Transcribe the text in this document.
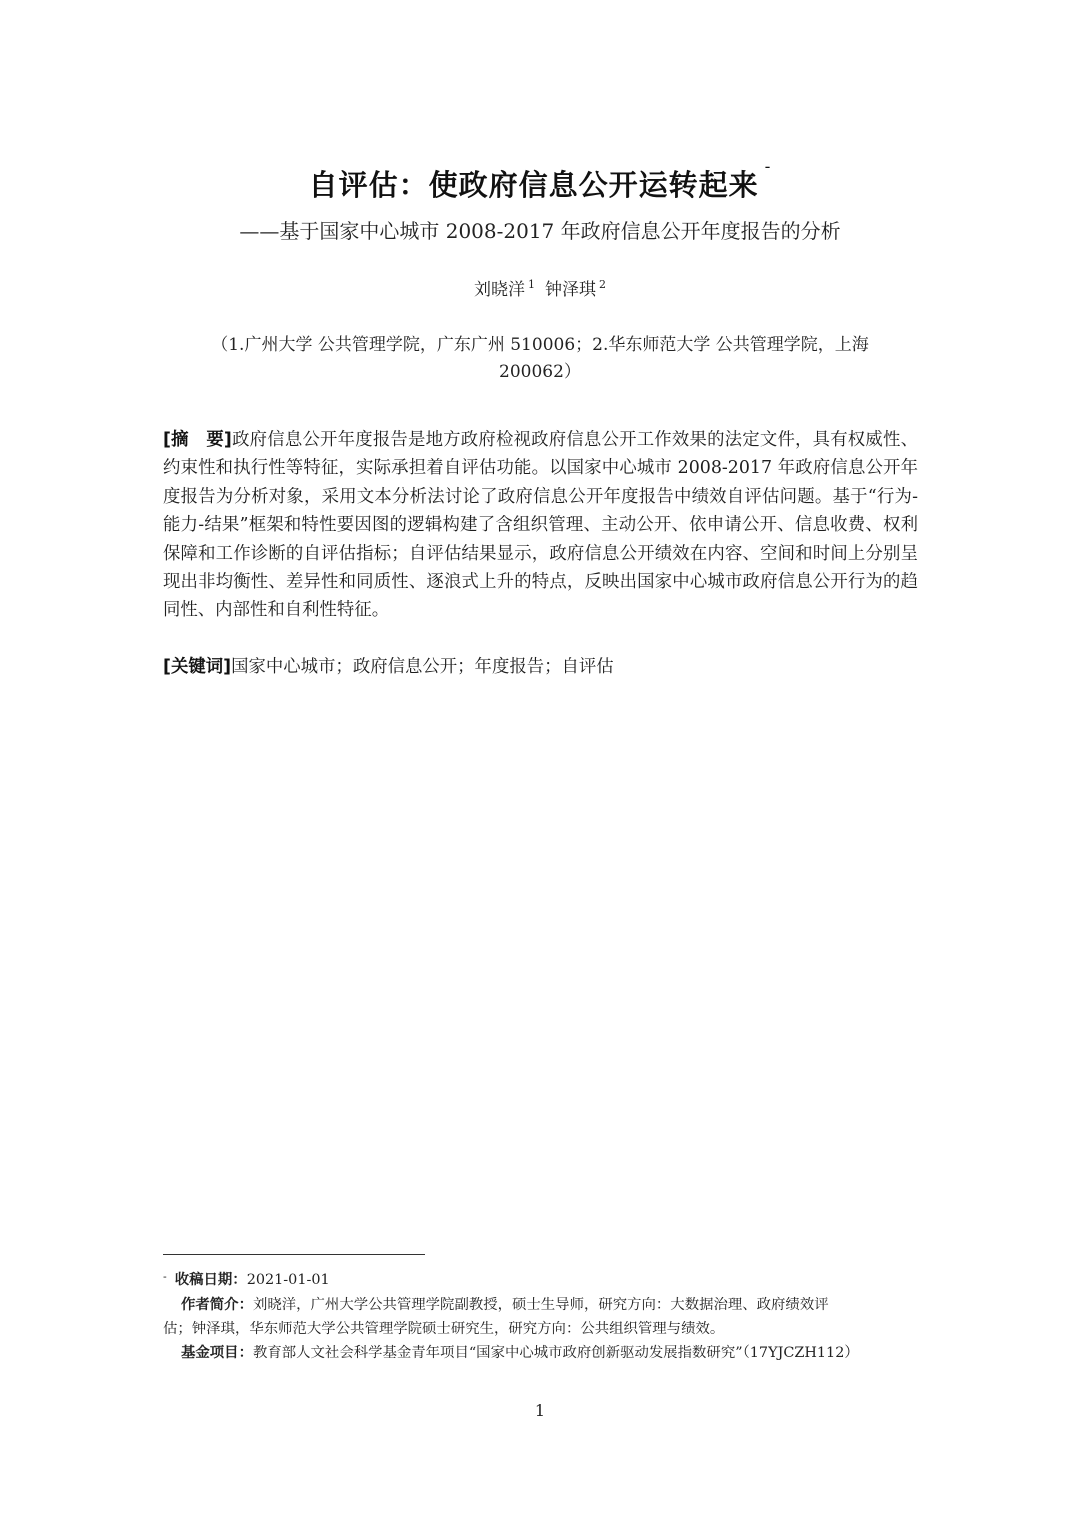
自评估：使政府信息公开运转起来-
——基于国家中心城市 2008-2017 年政府信息公开年度报告的分析
刘晓洋 $^1$ 钟泽琪 $^2$
（1.广州大学 公共管理学院，广东广州 510006；2.华东师范大学 公共管理学院，上海
200062）
[摘　要]政府信息公开年度报告是地方政府检视政府信息公开工作效果的法定文件，具有权威性、约束性和执行性等特征，实际承担着自评估功能。以国家中心城市 2008-2017 年政府信息公开年度报告为分析对象，采用文本分析法讨论了政府信息公开年度报告中绩效自评估问题。基于“行为-能力-结果”框架和特性要因图的逻辑构建了含组织管理、主动公开、依申请公开、信息收费、权利保障和工作诊断的自评估指标；自评估结果显示，政府信息公开绩效在内容、空间和时间上分别呈现出非均衡性、差异性和同质性、逐浪式上升的特点，反映出国家中心城市政府信息公开行为的趋同性、内部性和自利性特征。
[关键词]国家中心城市；政府信息公开；年度报告；自评估
- 收稿日期：2021-01-01
作者简介：刘晓洋，广州大学公共管理学院副教授，硕士生导师，研究方向：大数据治理、政府绩效评
估；钟泽琪，华东师范大学公共管理学院硕士研究生，研究方向：公共组织管理与绩效。
基金项目：教育部人文社会科学基金青年项目“国家中心城市政府创新驱动发展指数研究”（17YJCZH112）
1
